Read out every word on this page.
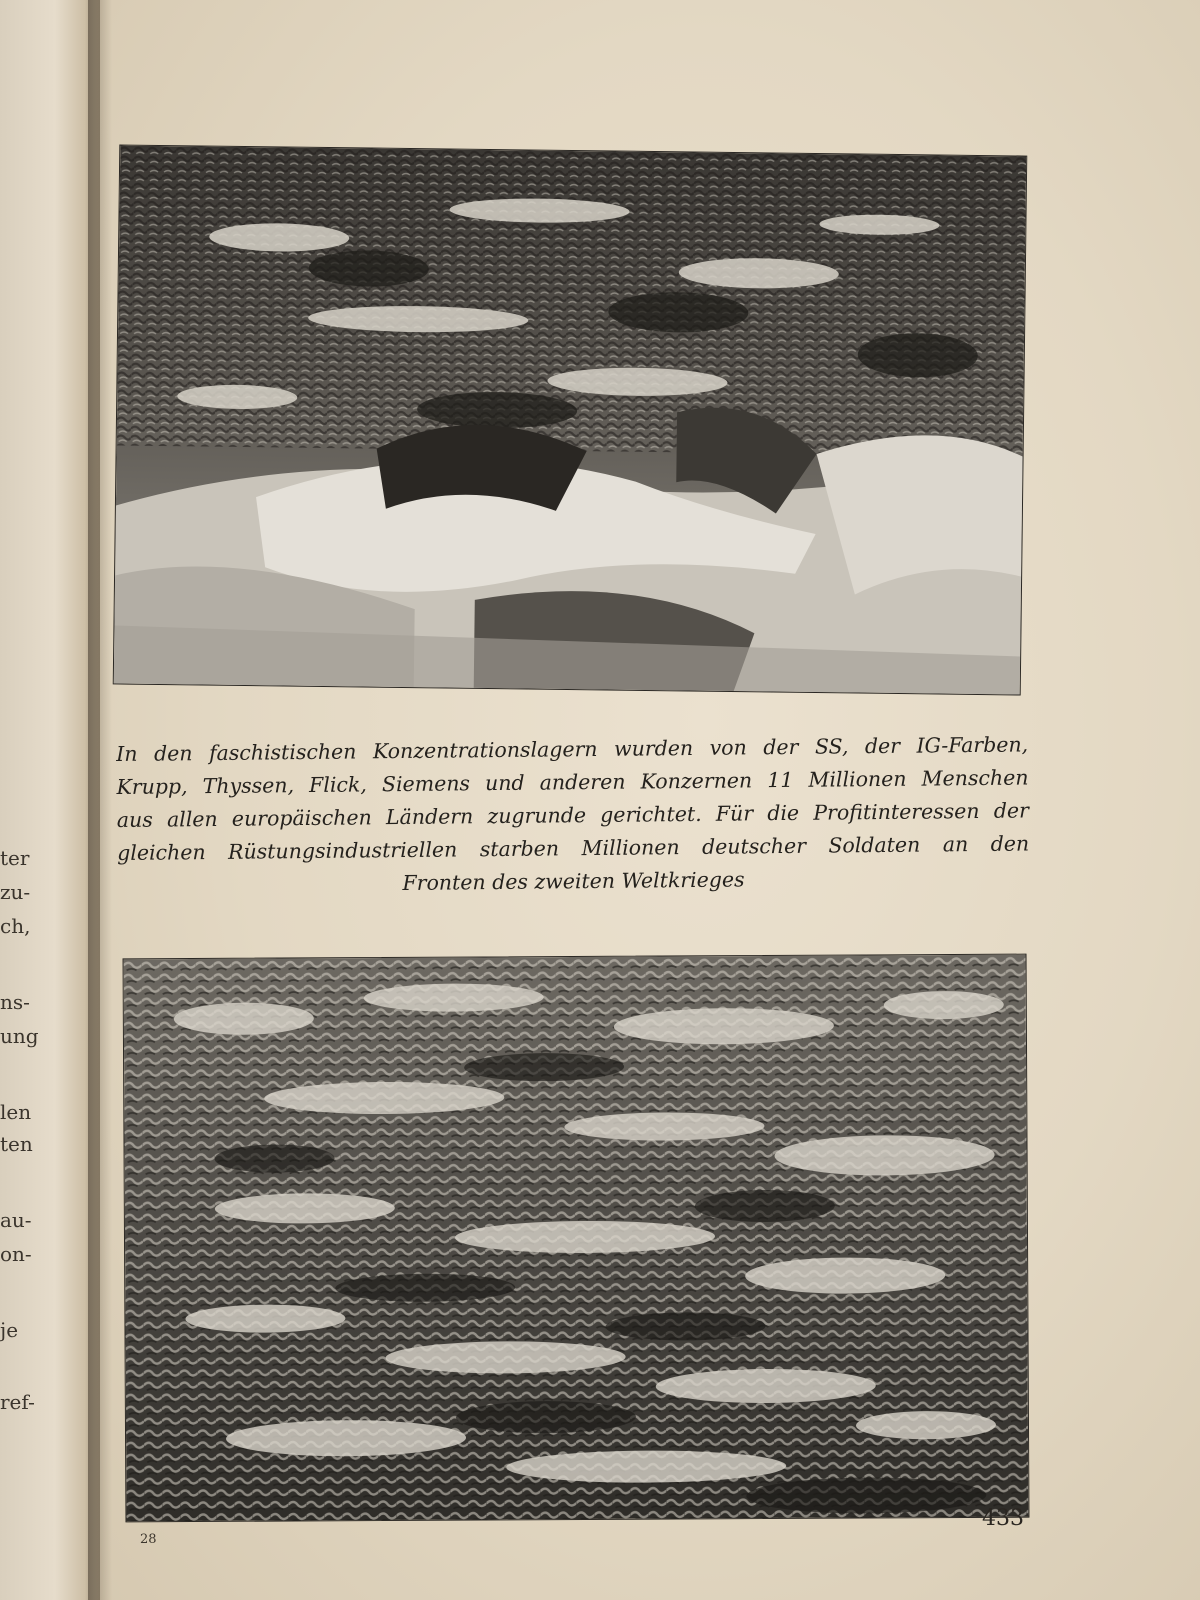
ter
zu-
ch,
ns-
ung
len
ten
au-
on-
je
ref-

In den faschistischen Konzentrationslagern wurden von der SS, der IG-Farben,
Krupp, Thyssen, Flick, Siemens und anderen Konzernen 11 Millionen Menschen
aus allen europäischen Ländern zugrunde gerichtet. Für die Profitinteressen der
gleichen Rüstungsindustriellen starben Millionen deutscher Soldaten an den
Fronten des zweiten Weltkrieges

433
28
